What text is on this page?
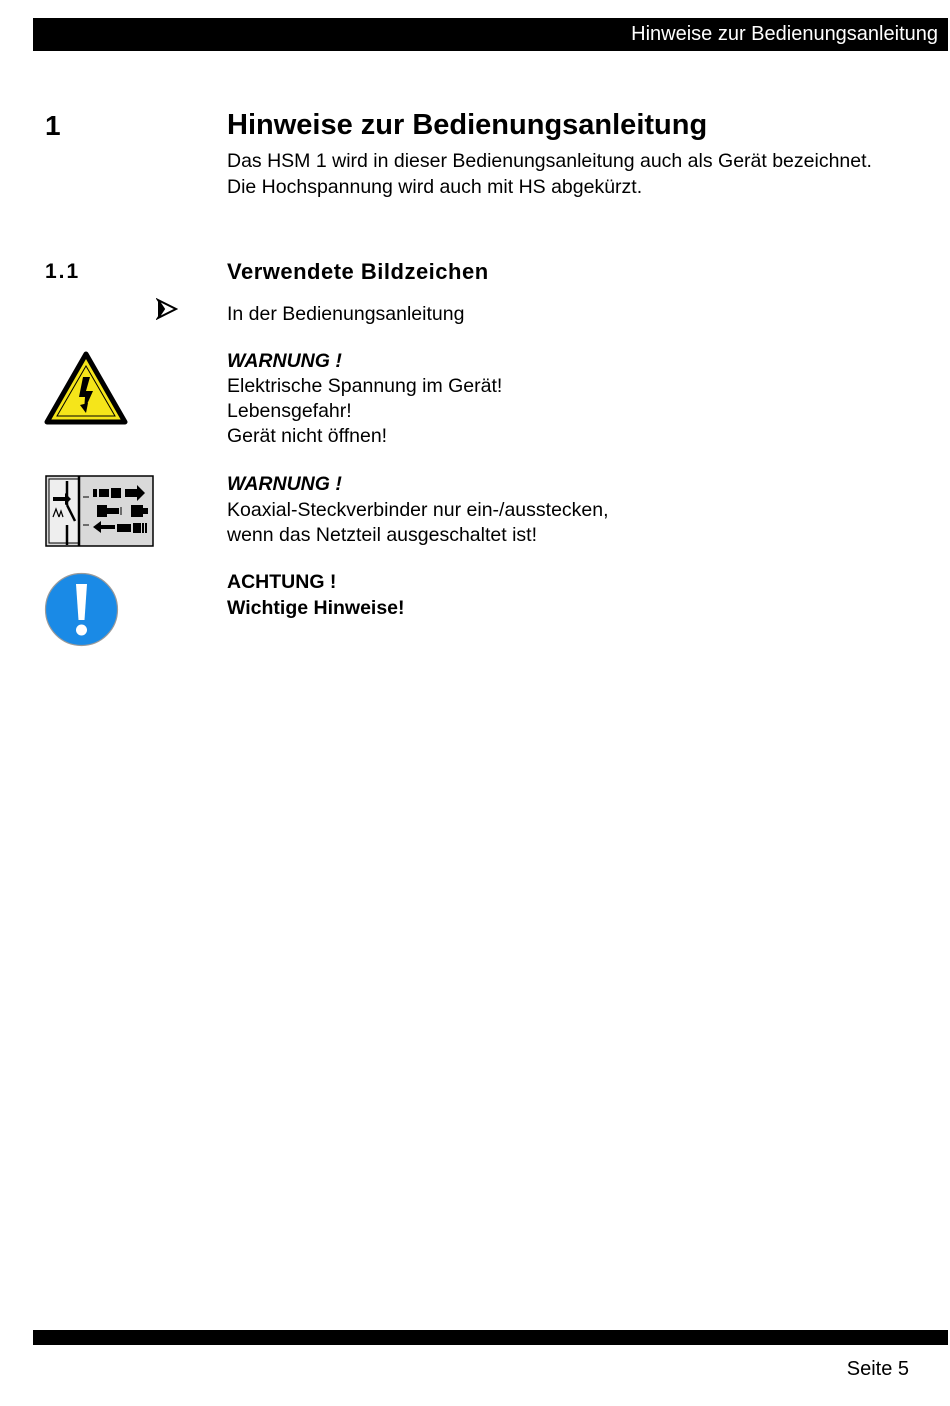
Hinweise zur Bedienungsanleitung
1	Hinweise zur Bedienungsanleitung
Das HSM 1 wird in dieser Bedienungsanleitung auch als Gerät bezeichnet.
Die Hochspannung wird auch mit HS abgekürzt.
1.1	Verwendete Bildzeichen
In der Bedienungsanleitung
WARNUNG !
Elektrische Spannung im Gerät!
Lebensgefahr!
Gerät nicht öffnen!
WARNUNG !
Koaxial-Steckverbinder nur ein-/ausstecken,
wenn das Netzteil ausgeschaltet ist!
ACHTUNG !
Wichtige Hinweise!
Seite 5
